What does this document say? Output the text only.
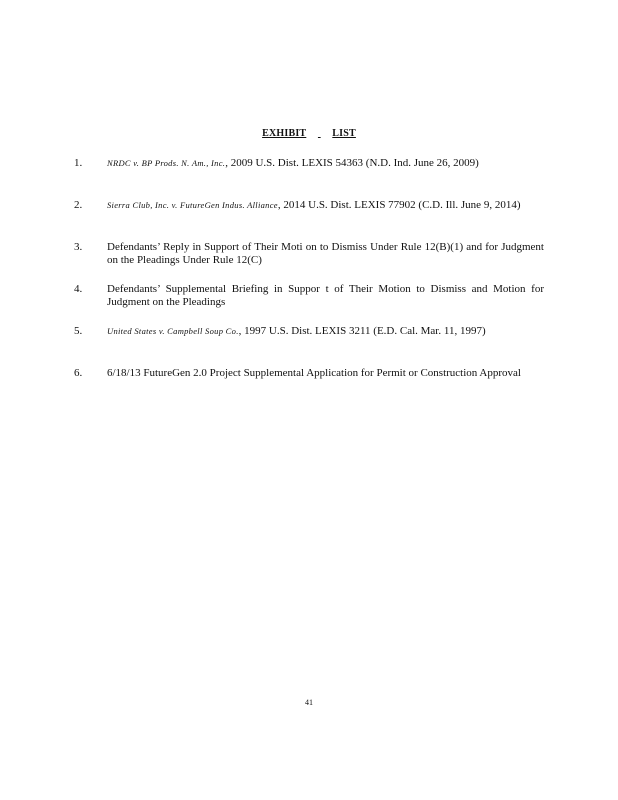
EXHIBIT	LIST
1.	NRDC v. BP Prods. N. Am., Inc., 2009 U.S. Dist. LEXIS 54363 (N.D. Ind. June 26, 2009)
2.	Sierra Club, Inc. v. FutureGen Indus. Alliance, 2014 U.S. Dist. LEXIS 77902 (C.D. Ill. June 9, 2014)
3.	Defendants’ Reply in Support of Their Moti on to Dismiss Under Rule 12(B)(1) and for Judgment on the Pleadings Under Rule 12(C)
4.	Defendants’ Supplemental Briefing in Suppor t of Their Motion to Dismiss and Motion for Judgment on the Pleadings
5.	United States v. Campbell Soup Co., 1997 U.S. Dist. LEXIS 3211 (E.D. Cal. Mar. 11, 1997)
6.	6/18/13 FutureGen 2.0 Project Supplemental Application for Permit or Construction Approval
41
